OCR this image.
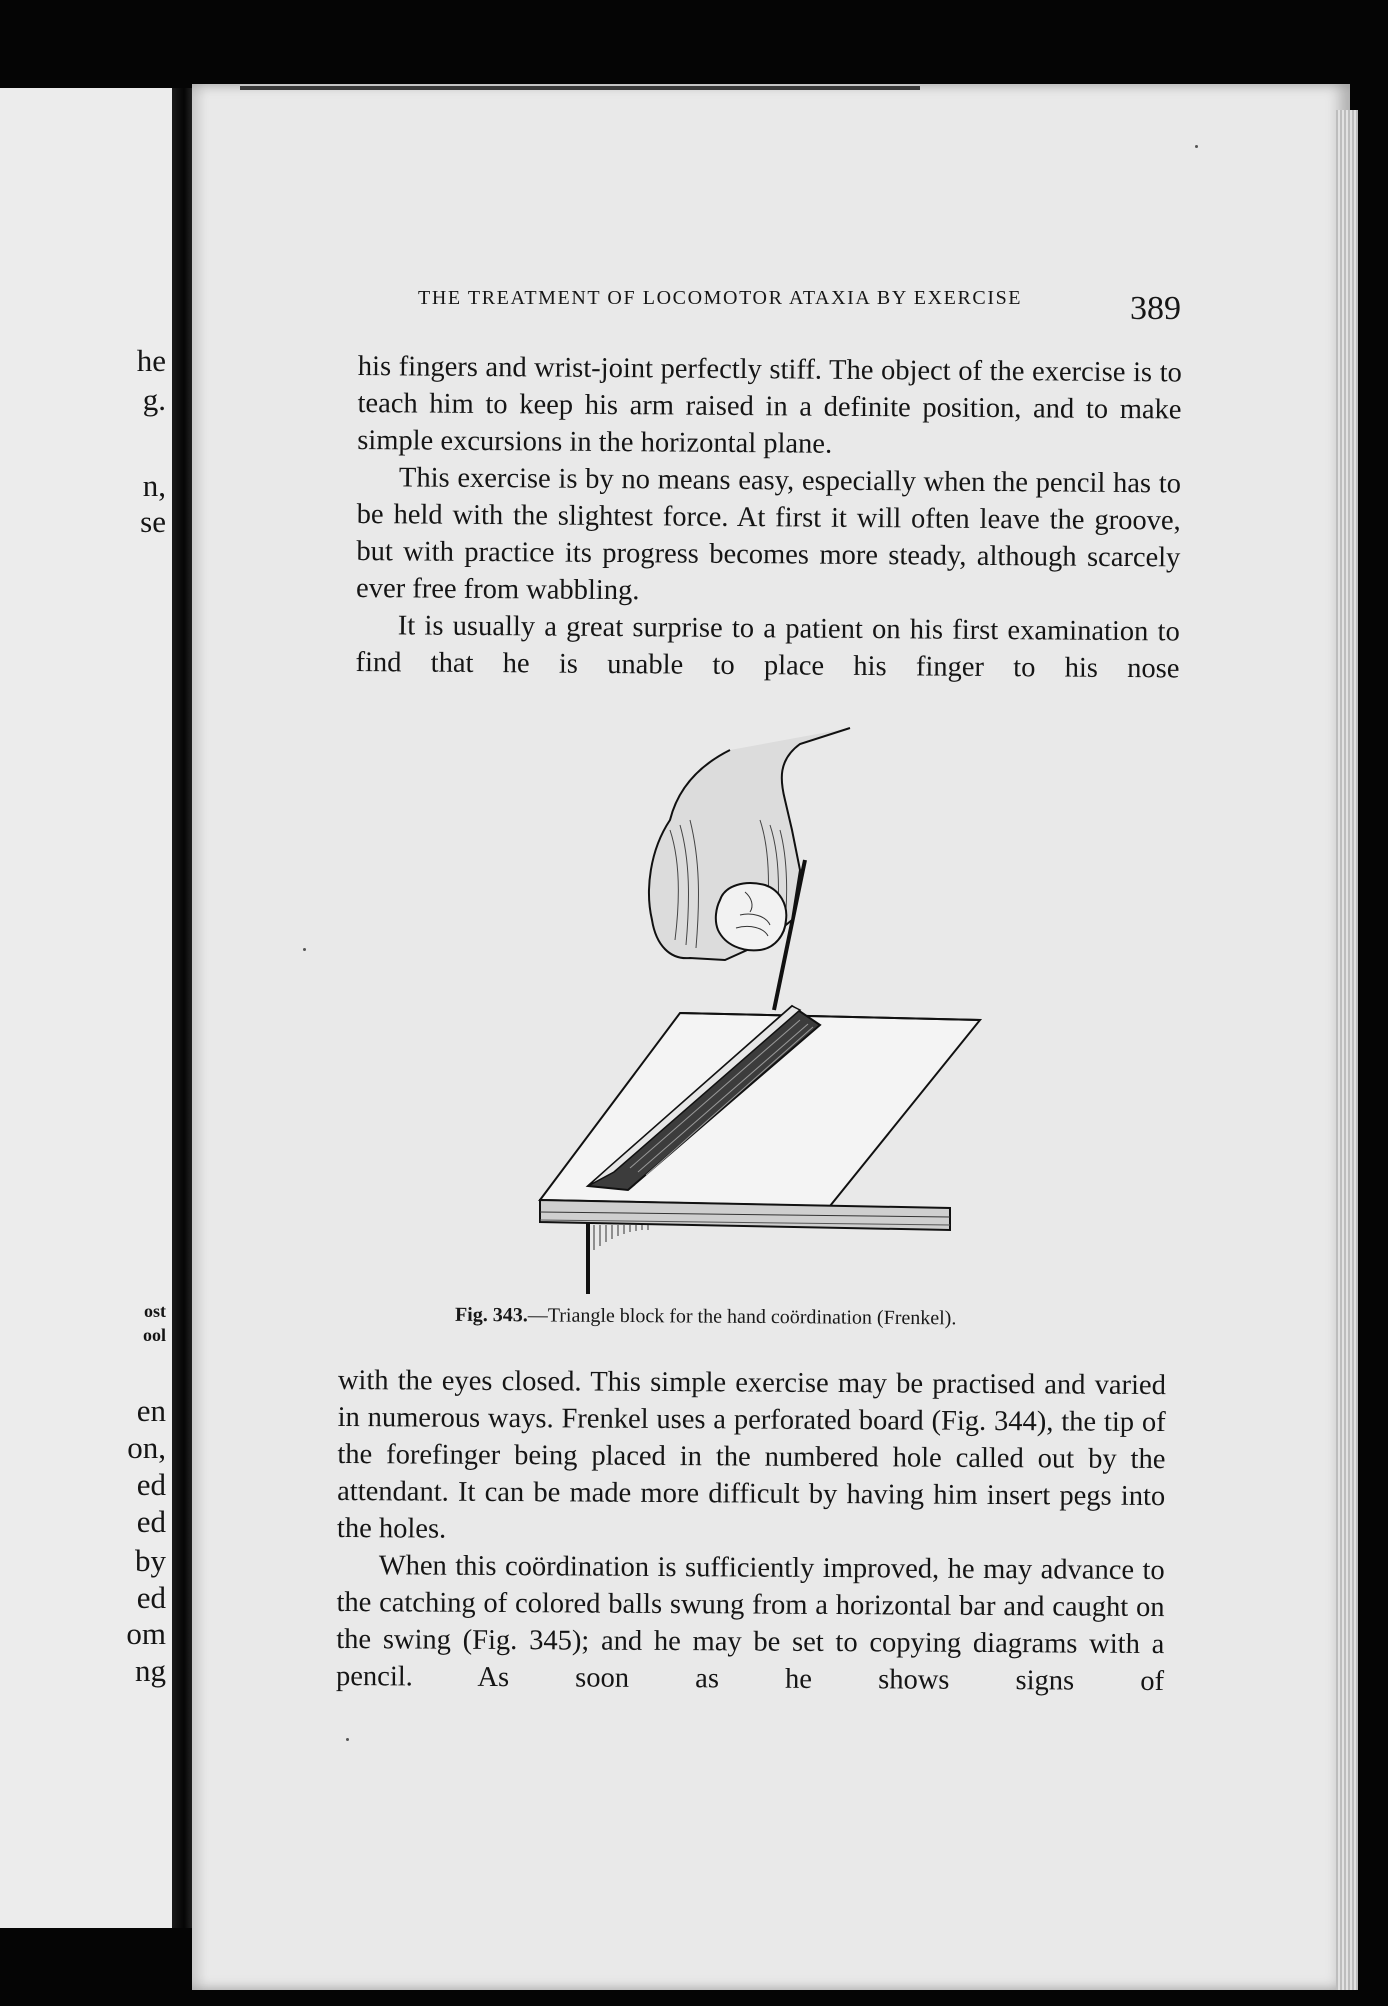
he
g.
n,
se
ost
ool
en
on,
ed
ed
by
ed
om
ng
THE TREATMENT OF LOCOMOTOR ATAXIA BY EXERCISE	389

his fingers and wrist-joint perfectly stiff. The object of the exercise is to teach him to keep his arm raised in a definite position, and to make simple excursions in the horizontal plane.

This exercise is by no means easy, especially when the pencil has to be held with the slightest force. At first it will often leave the groove, but with practice its progress becomes more steady, although scarcely ever free from wabbling.

It is usually a great surprise to a patient on his first examination to find that he is unable to place his finger to his nose

Fig. 343.—Triangle block for the hand coördination (Frenkel).

with the eyes closed. This simple exercise may be practised and varied in numerous ways. Frenkel uses a perforated board (Fig. 344), the tip of the forefinger being placed in the numbered hole called out by the attendant. It can be made more difficult by having him insert pegs into the holes.

When this coördination is sufficiently improved, he may advance to the catching of colored balls swung from a horizontal bar and caught on the swing (Fig. 345); and he may be set to copying diagrams with a pencil. As soon as he shows signs of
